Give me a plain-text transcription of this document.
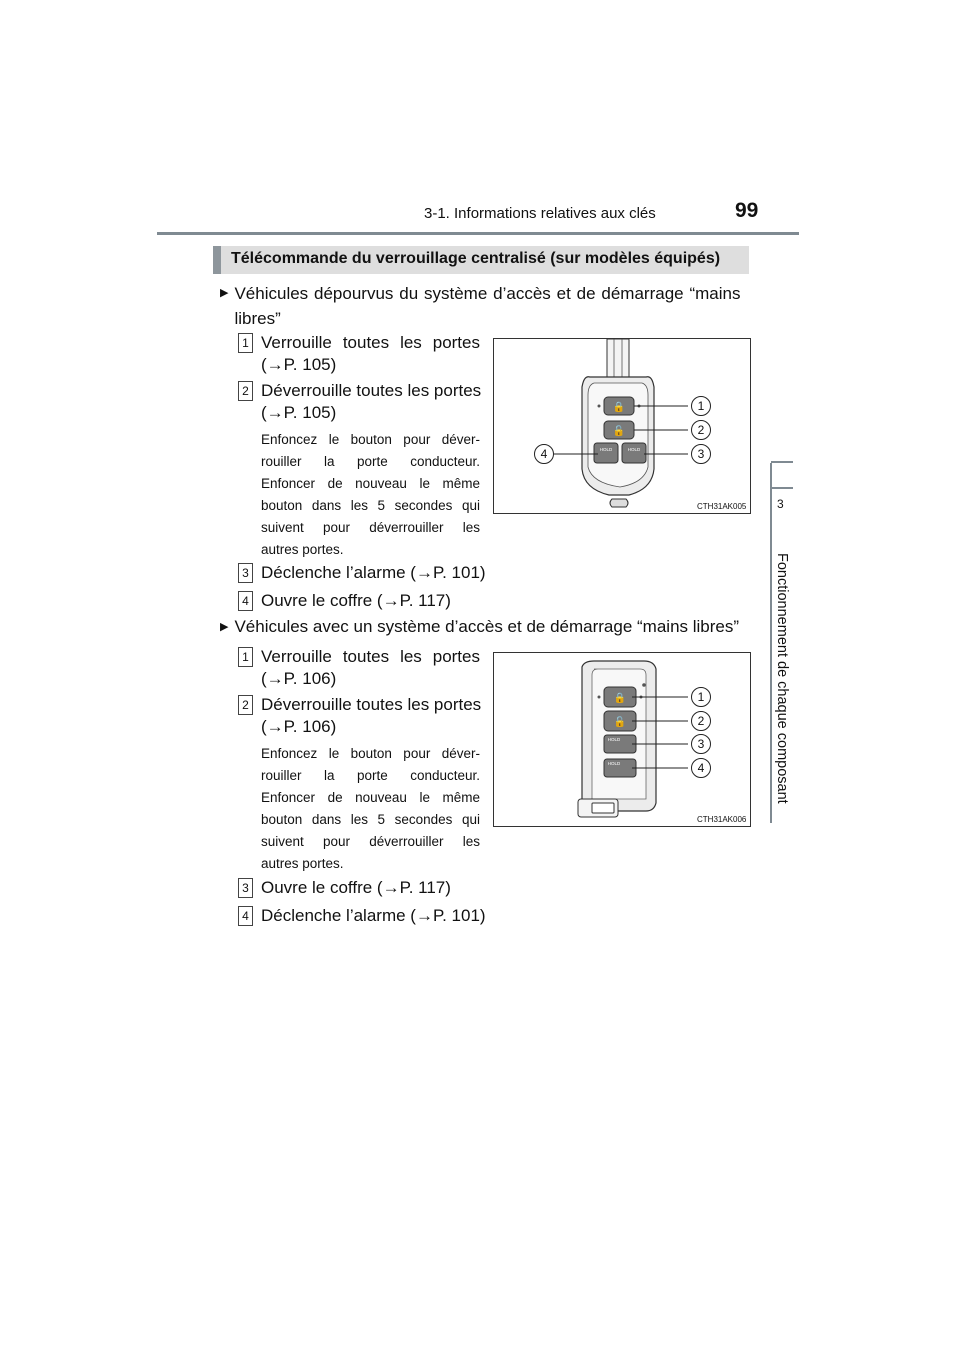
3-1. Informations relatives aux clés	99
3
Fonctionnement de chaque composant
Télécommande du verrouillage centralisé (sur modèles équipés)
▶ Véhicules dépourvus du système d’accès et de démarrage “mains libres”
1 Verrouille toutes les portes
(→P. 105)
2 Déverrouille toutes les portes
(→P. 105)
Enfoncez le bouton pour déver-
rouiller la porte conducteur.
Enfoncer de nouveau le même
bouton dans les 5 secondes qui
suivent pour déverrouiller les
autres portes.
3 Déclenche l’alarme (→P. 101)
4 Ouvre le coffre (→P. 117)
🔒
🔓
HOLD	HOLD
1
2
3
4
CTH31AK005
▶ Véhicules avec un système d’accès et de démarrage “mains libres”
1 Verrouille toutes les portes
(→P. 106)
2 Déverrouille toutes les portes
(→P. 106)
Enfoncez le bouton pour déver-
rouiller la porte conducteur.
Enfoncer de nouveau le même
bouton dans les 5 secondes qui
suivent pour déverrouiller les
autres portes.
3 Ouvre le coffre (→P. 117)
4 Déclenche l’alarme (→P. 101)
🔒
🔓
HOLD
HOLD
1
2
3
4
CTH31AK006
